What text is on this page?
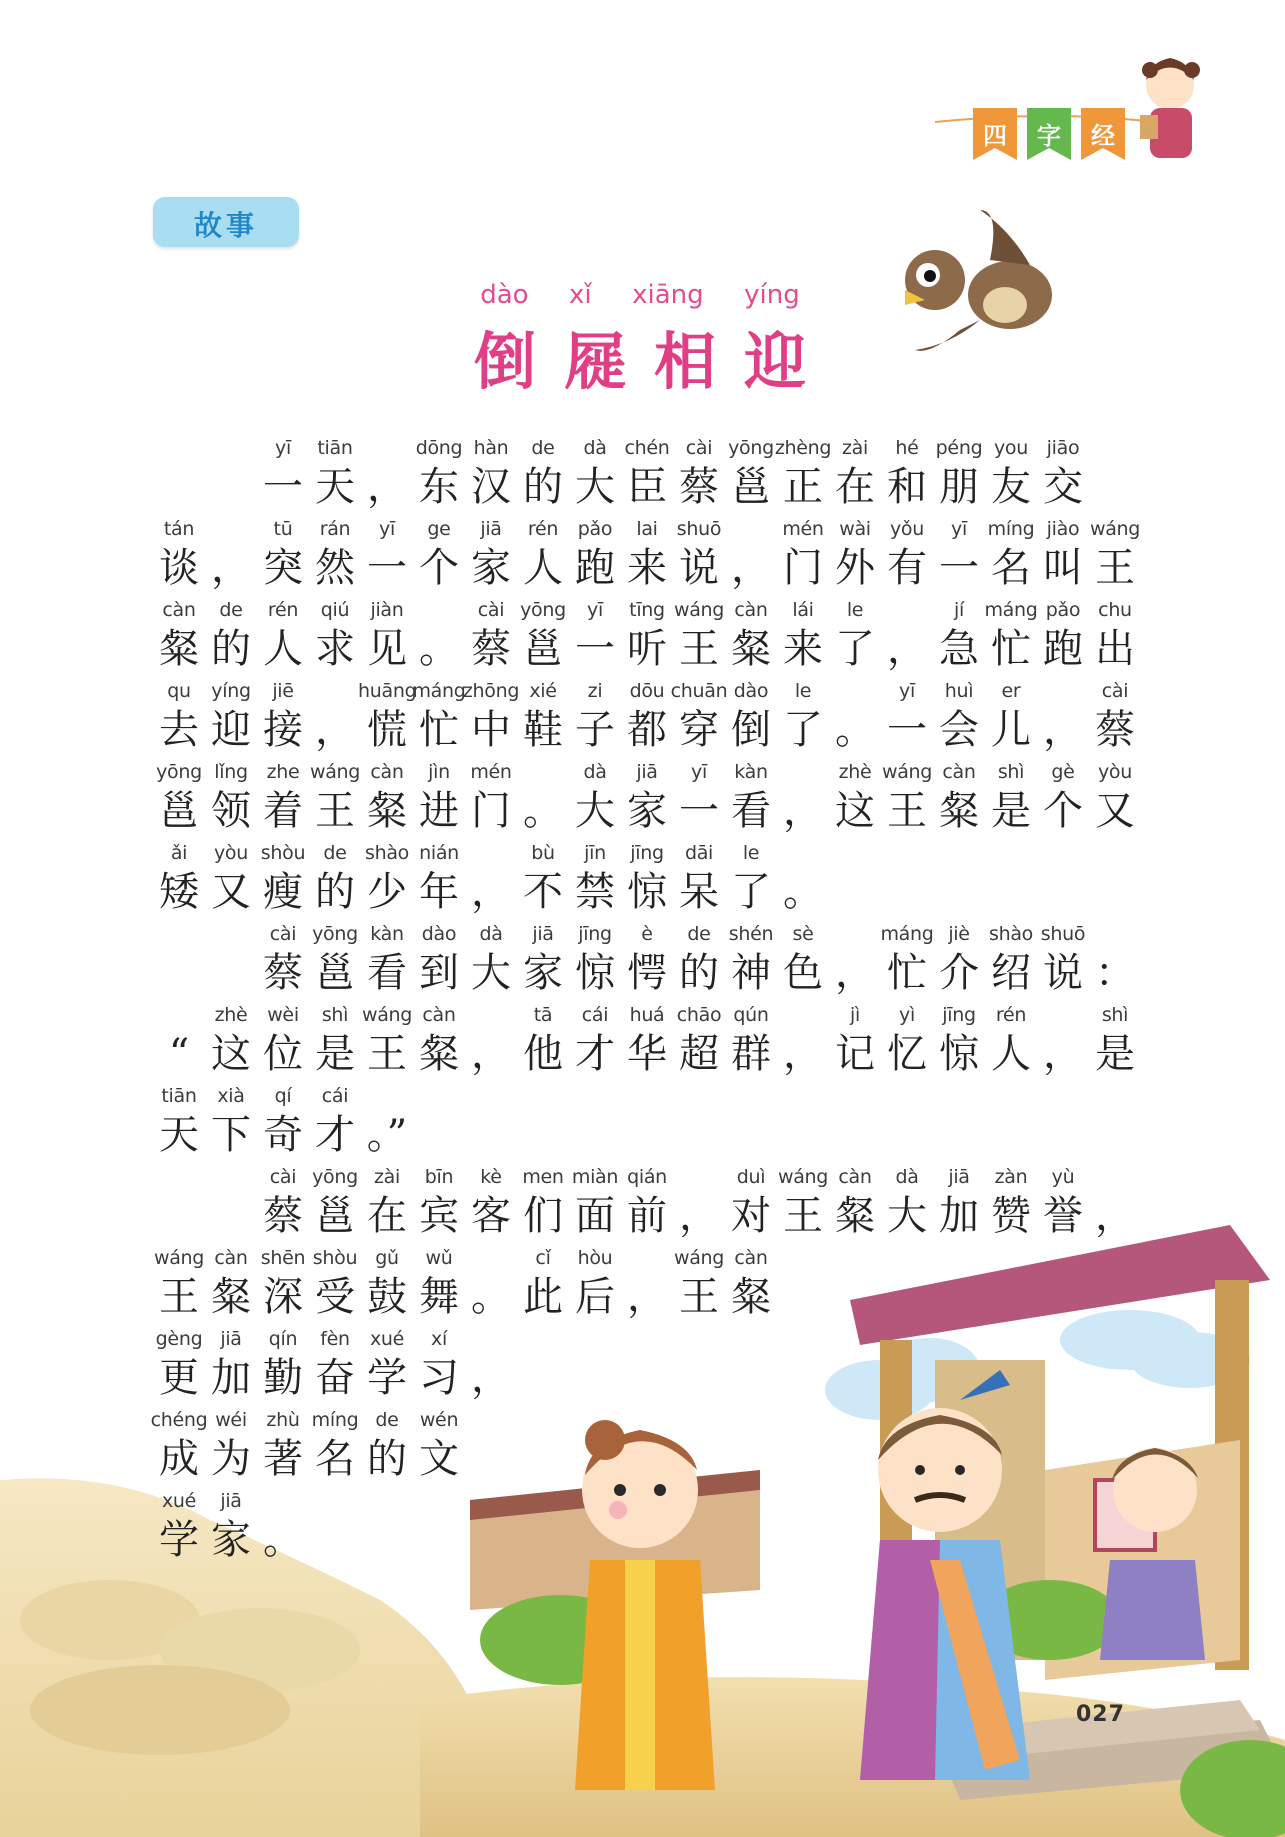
四	字	经
故事
dào xǐ xiāng yíng
倒 屣 相 迎
yī
一
tiān
天 ，
dōng
东
hàn
汉
de
的
dà
大
chén
臣
cài
蔡
yōng
邕
zhèng
正
zài
在
hé
和
péng
朋
you
友
jiāo
交
tán
谈 ，
tū
突
rán
然
yī
一
ge
个
jiā
家
rén
人
pǎo
跑
lai
来
shuō
说 ，
mén
门
wài
外
yǒu
有
yī
一
míng
名
jiào
叫
wáng
王
càn
粲
de
的
rén
人
qiú
求
jiàn
见 。
cài
蔡
yōng
邕
yī
一
tīng
听
wáng
王
càn
粲
lái
来
le
了 ，
jí
急
máng
忙
pǎo
跑
chu
出
qu
去
yíng
迎
jiē
接 ，
huāng
慌
máng
忙
zhōng
中
xié
鞋
zi
子
dōu
都
chuān
穿
dào
倒
le
了 。
yī
一
huì
会
er
儿 ，
cài
蔡
yōng
邕
lǐng
领
zhe
着
wáng
王
càn
粲
jìn
进
mén
门 。
dà
大
jiā
家
yī
一
kàn
看 ，
zhè
这
wáng
王
càn
粲
shì
是
gè
个
yòu
又
ǎi
矮
yòu
又
shòu
瘦
de
的
shào
少
nián
年 ，
bù
不
jīn
禁
jīng
惊
dāi
呆
le
了 。
cài
蔡
yōng
邕
kàn
看
dào
到
dà
大
jiā
家
jīng
惊
è
愕
de
的
shén
神
sè
色 ，
máng
忙
jiè
介
shào
绍
shuō
说 ：
“
zhè
这
wèi
位
shì
是
wáng
王
càn
粲 ，
tā
他
cái
才
huá
华
chāo
超
qún
群 ，
jì
记
yì
忆
jīng
惊
rén
人 ，
shì
是
tiān
天
xià
下
qí
奇
cái
才 。”
cài
蔡
yōng
邕
zài
在
bīn
宾
kè
客
men
们
miàn
面
qián
前 ，
duì
对
wáng
王
càn
粲
dà
大
jiā
加
zàn
赞
yù
誉 ，
wáng
王
càn
粲
shēn
深
shòu
受
gǔ
鼓
wǔ
舞 。
cǐ
此
hòu
后 ，
wáng
王
càn
粲
gèng
更
jiā
加
qín
勤
fèn
奋
xué
学
xí
习 ，
chéng
成
wéi
为
zhù
著
míng
名
de
的
wén
文
xué
学
jiā
家 。
027
